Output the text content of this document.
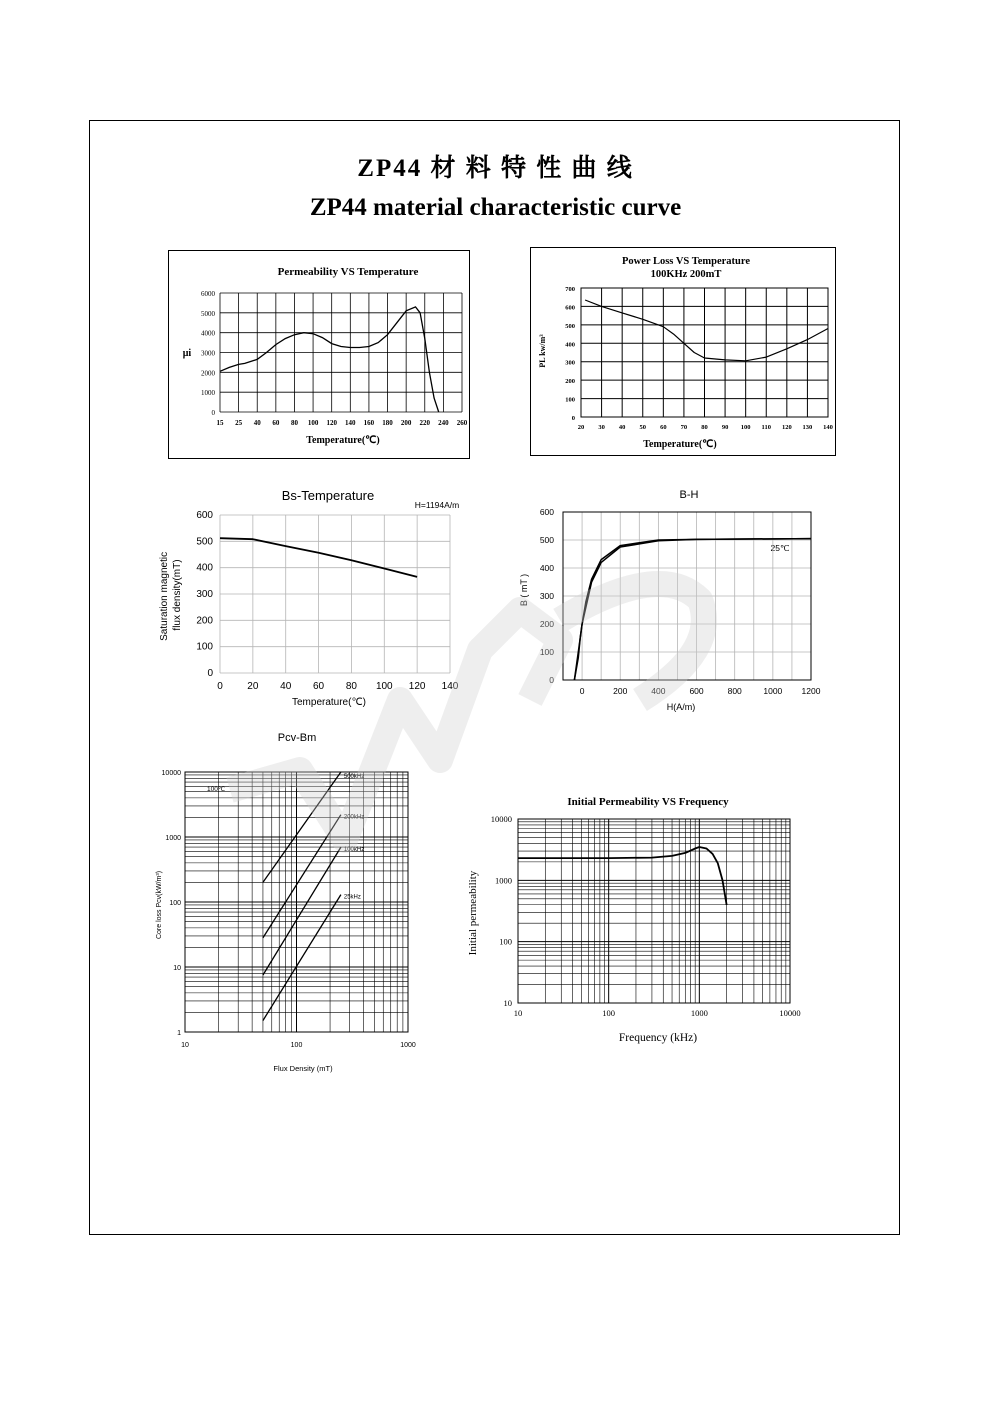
ZP44 材 料 特 性 曲 线
ZP44 material characteristic curve
Permeability VS Temperature
μi
Temperature(℃)
15 25 40 60 80 100 120 140 160 180 200 220 240 260
0
1000
2000
3000
4000
5000
6000
Power Loss VS Temperature
100KHz 200mT
PL kw/m³
Temperature(℃)
0
100
200
300
400
500
600
700
20 30 40 50 60 70 80 90 100 110 120 130 140
Bs-Temperature
H=1194A/m
Saturation magnetic flux density(mT)
Temperature(℃)
0
100
200
300
400
500
600
0 20 40 60 80 100 120 140
B-H
B ( mT )
H(A/m)
25℃
0
100
200
300
400
500
600
0	200	400	600	800	1000 1200
Pcv-Bm
100℃
Core loss Pcv(kW/m³)
Flux Density (mT)
1
10
100
1000
10000
10	100	1000
500kHz
200kHz
100kHz
25kHz
Initial Permeability VS Frequency
Initial permeability
Frequency (kHz)
10
100
1000
10000
10	100	1000	10000
